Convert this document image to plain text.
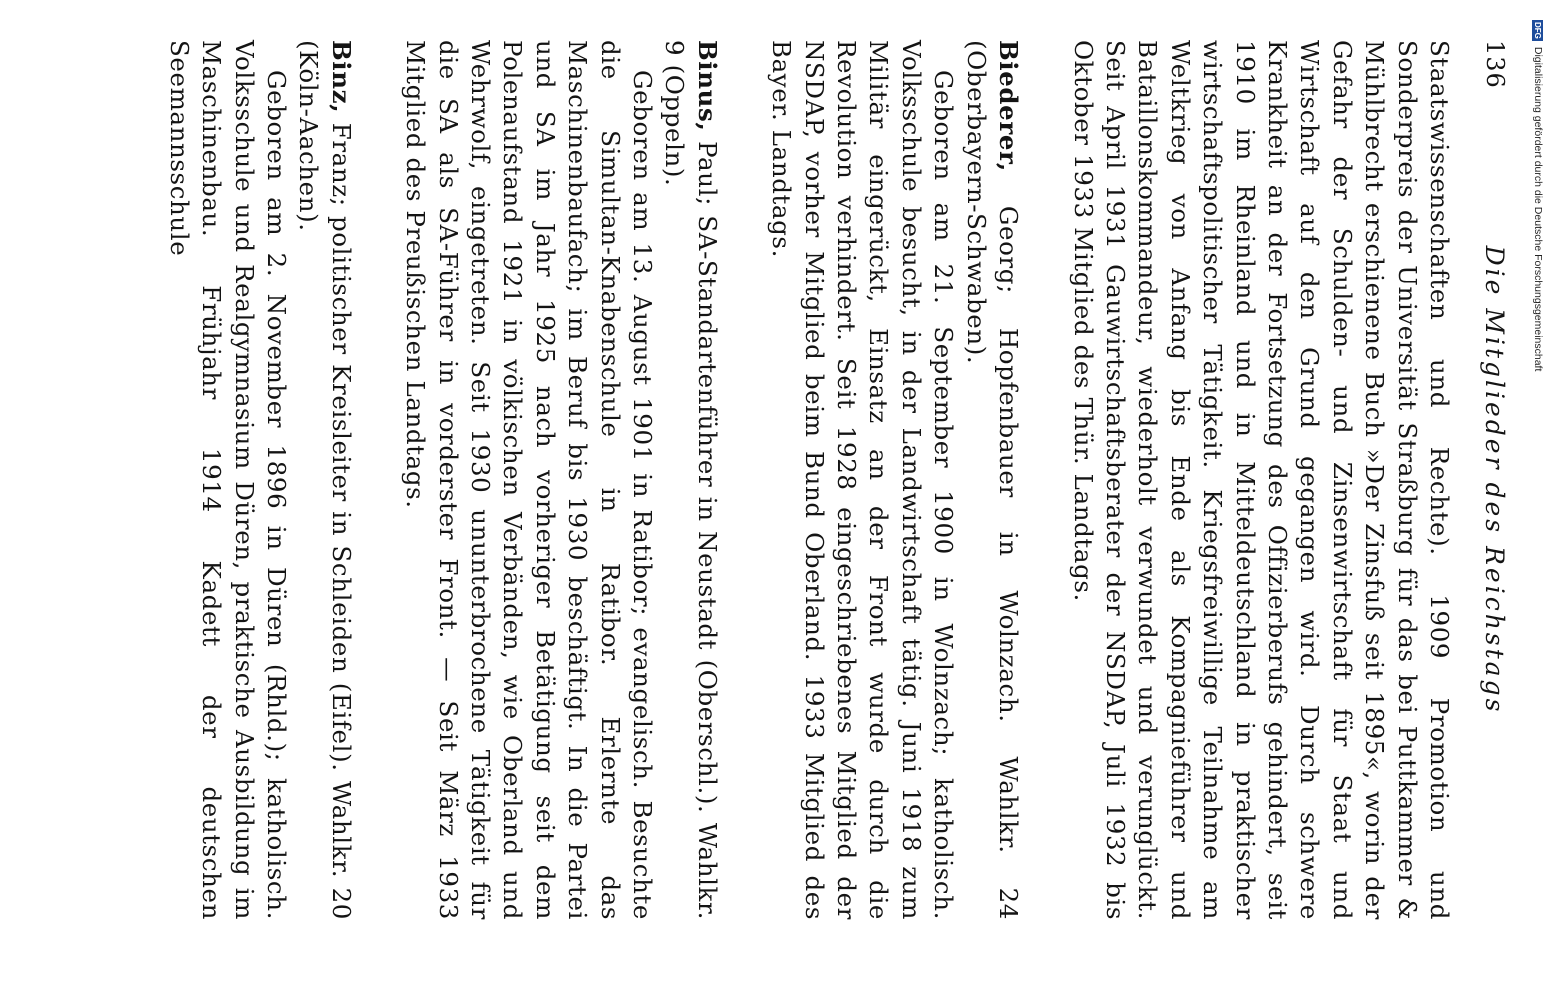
136
Die Mitglieder des Reichstags

Staatswissenschaften und Rechte). 1909 Promotion und Sonderpreis der Universität Straßburg für das bei Puttkammer & Mühlbrecht erschienene Buch »Der Zinsfuß seit 1895«, worin der Gefahr der Schulden- und Zinsenwirtschaft für Staat und Wirtschaft auf den Grund gegangen wird. Durch schwere Krankheit an der Fortsetzung des Offizierberufs gehindert, seit 1910 im Rheinland und in Mitteldeutschland in praktischer wirtschaftspolitischer Tätigkeit. Kriegsfreiwillige Teilnahme am Weltkrieg von Anfang bis Ende als Kompagnieführer und Bataillonskommandeur, wiederholt verwundet und verunglückt. Seit April 1931 Gauwirtschaftsberater der NSDAP, Juli 1932 bis Oktober 1933 Mitglied des Thür. Landtags.

Biederer, Georg; Hopfenbauer in Wolnzach. Wahlkr. 24 (Oberbayern-Schwaben).

Geboren am 21. September 1900 in Wolnzach; katholisch. Volksschule besucht, in der Landwirtschaft tätig. Juni 1918 zum Militär eingerückt, Einsatz an der Front wurde durch die Revolution verhindert. Seit 1928 eingeschriebenes Mitglied der NSDAP, vorher Mitglied beim Bund Oberland. 1933 Mitglied des Bayer. Landtags.

Binus, Paul; SA-Standartenführer in Neustadt (Oberschl.). Wahlkr. 9 (Oppeln).

Geboren am 13. August 1901 in Ratibor; evangelisch. Besuchte die Simultan-Knabenschule in Ratibor. Erlernte das Maschinenbaufach; im Beruf bis 1930 beschäftigt. In die Partei und SA im Jahr 1925 nach vorheriger Betätigung seit dem Polenaufstand 1921 in völkischen Verbänden, wie Oberland und Wehrwolf, eingetreten. Seit 1930 ununterbrochene Tätigkeit für die SA als SA-Führer in vorderster Front. — Seit März 1933 Mitglied des Preußischen Landtags.

Binz, Franz; politischer Kreisleiter in Schleiden (Eifel). Wahlkr. 20 (Köln-Aachen).

Geboren am 2. November 1896 in Düren (Rhld.); katholisch. Volksschule und Realgymnasium Düren, praktische Ausbildung im Maschinenbau. Frühjahr 1914 Kadett der deutschen Seemannsschule

DFG
Digitalisierung gefördert durch die Deutsche Forschungsgemeinschaft
